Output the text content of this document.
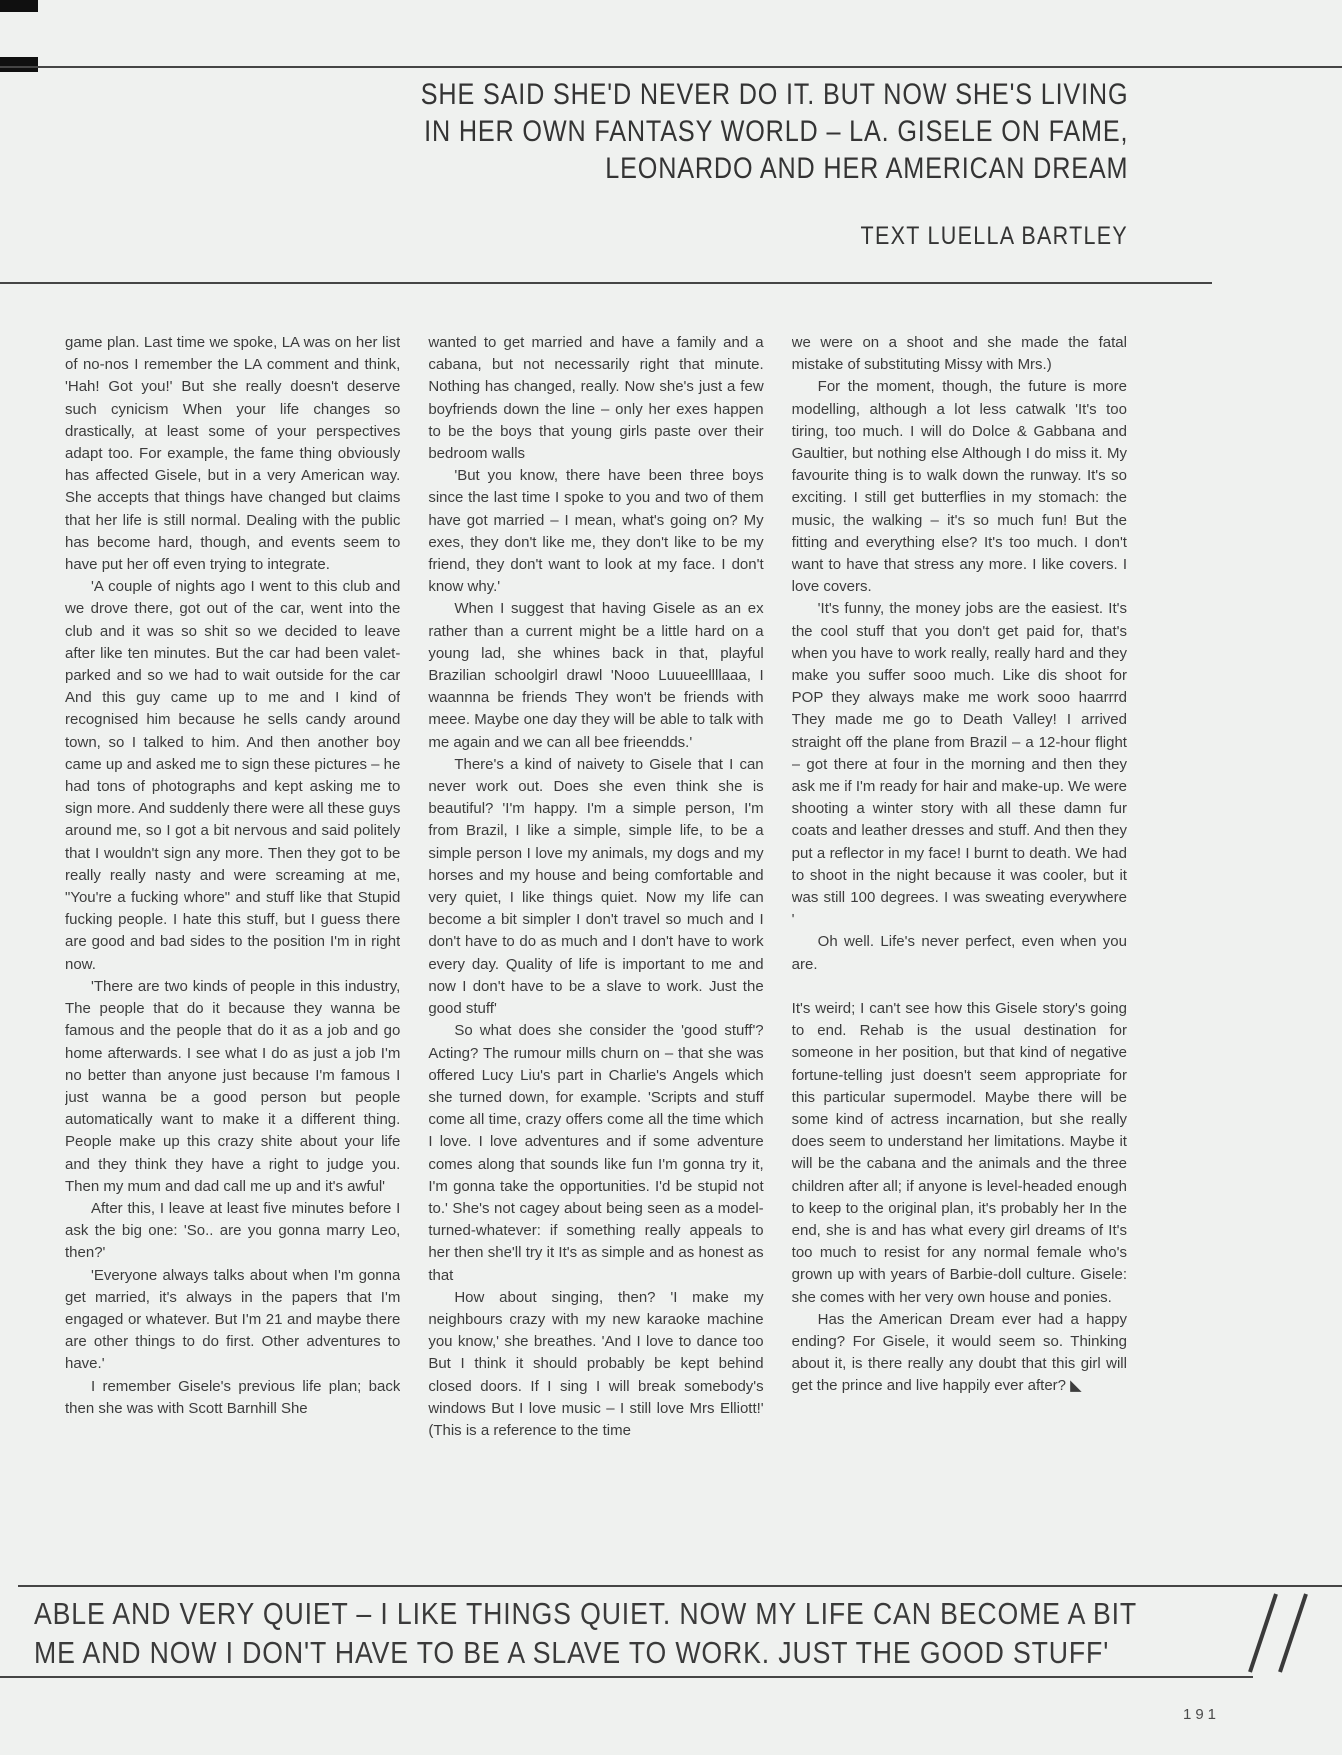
SHE SAID SHE'D NEVER DO IT. BUT NOW SHE'S LIVING
IN HER OWN FANTASY WORLD – LA. GISELE ON FAME,
LEONARDO AND HER AMERICAN DREAM
TEXT LUELLA BARTLEY

game plan. Last time we spoke, LA was on her list of no-nos I remember the LA comment and think, 'Hah! Got you!' But she really doesn't deserve such cynicism When your life changes so drastically, at least some of your perspectives adapt too. For example, the fame thing obviously has affected Gisele, but in a very American way. She accepts that things have changed but claims that her life is still normal. Dealing with the public has become hard, though, and events seem to have put her off even trying to integrate.

'A couple of nights ago I went to this club and we drove there, got out of the car, went into the club and it was so shit so we decided to leave after like ten minutes. But the car had been valet-parked and so we had to wait outside for the car And this guy came up to me and I kind of recognised him because he sells candy around town, so I talked to him. And then another boy came up and asked me to sign these pictures – he had tons of photographs and kept asking me to sign more. And suddenly there were all these guys around me, so I got a bit nervous and said politely that I wouldn't sign any more. Then they got to be really really nasty and were screaming at me, "You're a fucking whore" and stuff like that Stupid fucking people. I hate this stuff, but I guess there are good and bad sides to the position I'm in right now.

'There are two kinds of people in this industry, The people that do it because they wanna be famous and the people that do it as a job and go home afterwards. I see what I do as just a job I'm no better than anyone just because I'm famous I just wanna be a good person but people automatically want to make it a different thing. People make up this crazy shite about your life and they think they have a right to judge you. Then my mum and dad call me up and it's awful'

After this, I leave at least five minutes before I ask the big one: 'So.. are you gonna marry Leo, then?'

'Everyone always talks about when I'm gonna get married, it's always in the papers that I'm engaged or whatever. But I'm 21 and maybe there are other things to do first. Other adventures to have.'

I remember Gisele's previous life plan; back then she was with Scott Barnhill She

wanted to get married and have a family and a cabana, but not necessarily right that minute. Nothing has changed, really. Now she's just a few boyfriends down the line – only her exes happen to be the boys that young girls paste over their bedroom walls

'But you know, there have been three boys since the last time I spoke to you and two of them have got married – I mean, what's going on? My exes, they don't like me, they don't like to be my friend, they don't want to look at my face. I don't know why.'

When I suggest that having Gisele as an ex rather than a current might be a little hard on a young lad, she whines back in that, playful Brazilian schoolgirl drawl 'Nooo Luuueellllaaa, I waannna be friends They won't be friends with meee. Maybe one day they will be able to talk with me again and we can all bee frieendds.'

There's a kind of naivety to Gisele that I can never work out. Does she even think she is beautiful? 'I'm happy. I'm a simple person, I'm from Brazil, I like a simple, simple life, to be a simple person I love my animals, my dogs and my horses and my house and being comfortable and very quiet, I like things quiet. Now my life can become a bit simpler I don't travel so much and I don't have to do as much and I don't have to work every day. Quality of life is important to me and now I don't have to be a slave to work. Just the good stuff'

So what does she consider the 'good stuff'? Acting? The rumour mills churn on – that she was offered Lucy Liu's part in Charlie's Angels which she turned down, for example. 'Scripts and stuff come all time, crazy offers come all the time which I love. I love adventures and if some adventure comes along that sounds like fun I'm gonna try it, I'm gonna take the opportunities. I'd be stupid not to.' She's not cagey about being seen as a model-turned-whatever: if something really appeals to her then she'll try it It's as simple and as honest as that

How about singing, then? 'I make my neighbours crazy with my new karaoke machine you know,' she breathes. 'And I love to dance too But I think it should probably be kept behind closed doors. If I sing I will break somebody's windows But I love music – I still love Mrs Elliott!' (This is a reference to the time

we were on a shoot and she made the fatal mistake of substituting Missy with Mrs.)

For the moment, though, the future is more modelling, although a lot less catwalk 'It's too tiring, too much. I will do Dolce & Gabbana and Gaultier, but nothing else Although I do miss it. My favourite thing is to walk down the runway. It's so exciting. I still get butterflies in my stomach: the music, the walking – it's so much fun! But the fitting and everything else? It's too much. I don't want to have that stress any more. I like covers. I love covers.

'It's funny, the money jobs are the easiest. It's the cool stuff that you don't get paid for, that's when you have to work really, really hard and they make you suffer sooo much. Like dis shoot for POP they always make me work sooo haarrrd They made me go to Death Valley! I arrived straight off the plane from Brazil – a 12-hour flight – got there at four in the morning and then they ask me if I'm ready for hair and make-up. We were shooting a winter story with all these damn fur coats and leather dresses and stuff. And then they put a reflector in my face! I burnt to death. We had to shoot in the night because it was cooler, but it was still 100 degrees. I was sweating everywhere '

Oh well. Life's never perfect, even when you are.

It's weird; I can't see how this Gisele story's going to end. Rehab is the usual destination for someone in her position, but that kind of negative fortune-telling just doesn't seem appropriate for this particular supermodel. Maybe there will be some kind of actress incarnation, but she really does seem to understand her limitations. Maybe it will be the cabana and the animals and the three children after all; if anyone is level-headed enough to keep to the original plan, it's probably her In the end, she is and has what every girl dreams of It's too much to resist for any normal female who's grown up with years of Barbie-doll culture. Gisele: she comes with her very own house and ponies.

Has the American Dream ever had a happy ending? For Gisele, it would seem so. Thinking about it, is there really any doubt that this girl will get the prince and live happily ever after? ◣

ABLE AND VERY QUIET – I LIKE THINGS QUIET. NOW MY LIFE CAN BECOME A BIT
ME AND NOW I DON'T HAVE TO BE A SLAVE TO WORK. JUST THE GOOD STUFF'
191
